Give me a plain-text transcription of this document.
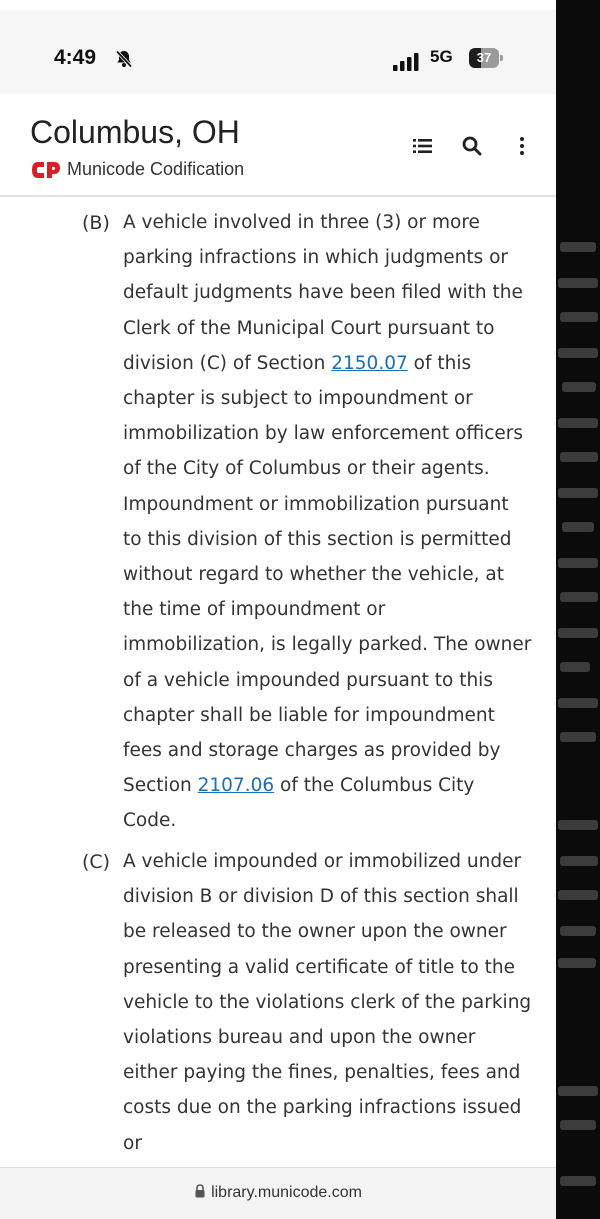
4:49	5G	37
Columbus, OH
Municode Codification
(B) A vehicle involved in three (3) or more parking infractions in which judgments or default judgments have been filed with the Clerk of the Municipal Court pursuant to division (C) of Section 2150.07 of this chapter is subject to impoundment or immobilization by law enforcement officers of the City of Columbus or their agents. Impoundment or immobilization pursuant to this division of this section is permitted without regard to whether the vehicle, at the time of impoundment or immobilization, is legally parked. The owner of a vehicle impounded pursuant to this chapter shall be liable for impoundment fees and storage charges as provided by Section 2107.06 of the Columbus City Code.
(C) A vehicle impounded or immobilized under division B or division D of this section shall be released to the owner upon the owner presenting a valid certificate of title to the vehicle to the violations clerk of the parking violations bureau and upon the owner either paying the fines, penalties, fees and costs due on the parking infractions issued or
library.municode.com
